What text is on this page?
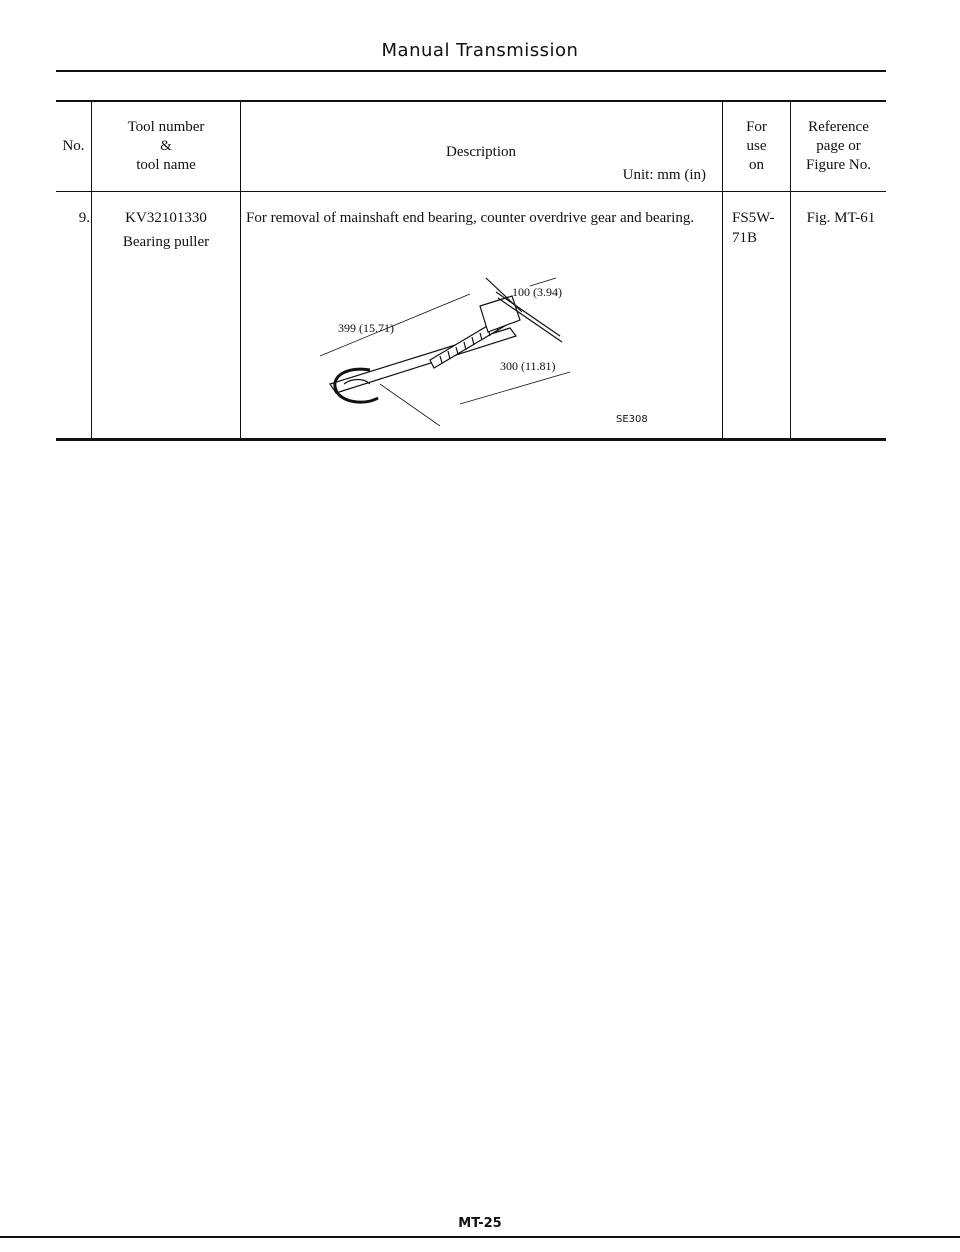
Manual Transmission
No.
Tool number
&
tool name
Description
Unit: mm (in)
For
use
on
Reference
page or
Figure No.
9.	KV32101330
Bearing puller
For removal of mainshaft end bearing, counter overdrive gear and bearing.	FS5W-
71B
Fig. MT-61
100 (3.94)
399 (15.71)
300 (11.81)
SE308
MT-25
